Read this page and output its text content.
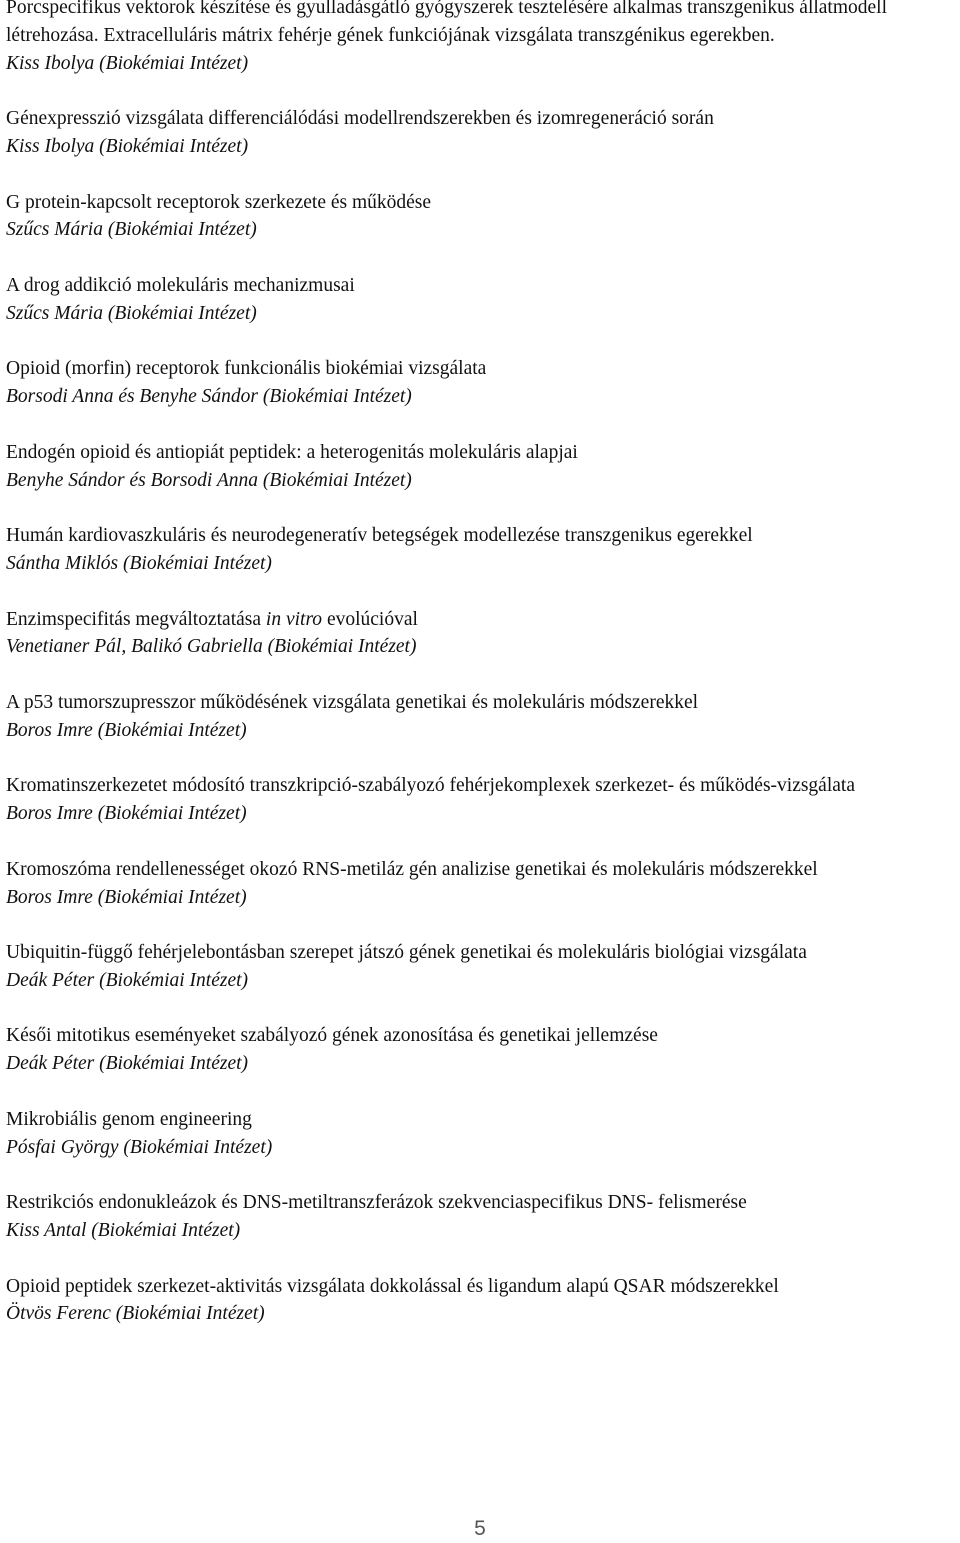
Porcspecifikus vektorok készítése és gyulladásgátló gyógyszerek tesztelésére alkalmas transzgenikus állatmodell létrehozása. Extracelluláris mátrix fehérje gének funkciójának vizsgálata transzgénikus egerekben.
Kiss Ibolya (Biokémiai Intézet)
Génexpresszió vizsgálata differenciálódási modellrendszerekben és izomregeneráció során
Kiss Ibolya (Biokémiai Intézet)
G protein-kapcsolt receptorok szerkezete és működése
Szűcs Mária (Biokémiai Intézet)
A drog addikció molekuláris mechanizmusai
Szűcs Mária (Biokémiai Intézet)
Opioid (morfin) receptorok funkcionális biokémiai vizsgálata
Borsodi Anna és Benyhe Sándor (Biokémiai Intézet)
Endogén opioid és antiopiát peptidek: a heterogenitás molekuláris alapjai
Benyhe Sándor és Borsodi Anna (Biokémiai Intézet)
Humán kardiovaszkuláris és neurodegeneratív betegségek modellezése transzgenikus egerekkel
Sántha Miklós (Biokémiai Intézet)
Enzimspecifitás megváltoztatása in vitro evolúcióval
Venetianer Pál, Balikó Gabriella (Biokémiai Intézet)
A p53 tumorszupresszor működésének vizsgálata genetikai és molekuláris módszerekkel
Boros Imre (Biokémiai Intézet)
Kromatinszerkezetet módosító transzkripció-szabályozó fehérjekomplexek szerkezet- és működés-vizsgálata
Boros Imre (Biokémiai Intézet)
Kromoszóma rendellenességet okozó RNS-metiláz gén analizise genetikai és molekuláris módszerekkel
Boros Imre (Biokémiai Intézet)
Ubiquitin-függő fehérjelebontásban szerepet játszó gének genetikai és molekuláris biológiai vizsgálata
Deák Péter (Biokémiai Intézet)
Késői mitotikus eseményeket szabályozó gének azonosítása és genetikai jellemzése
Deák Péter (Biokémiai Intézet)
Mikrobiális genom engineering
Pósfai György (Biokémiai Intézet)
Restrikciós endonukleázok és DNS-metiltranszferázok szekvenciaspecifikus DNS- felismerése
Kiss Antal (Biokémiai Intézet)
Opioid peptidek szerkezet-aktivitás vizsgálata dokkolással és ligandum alapú QSAR módszerekkel
Ötvös Ferenc (Biokémiai Intézet)
5
